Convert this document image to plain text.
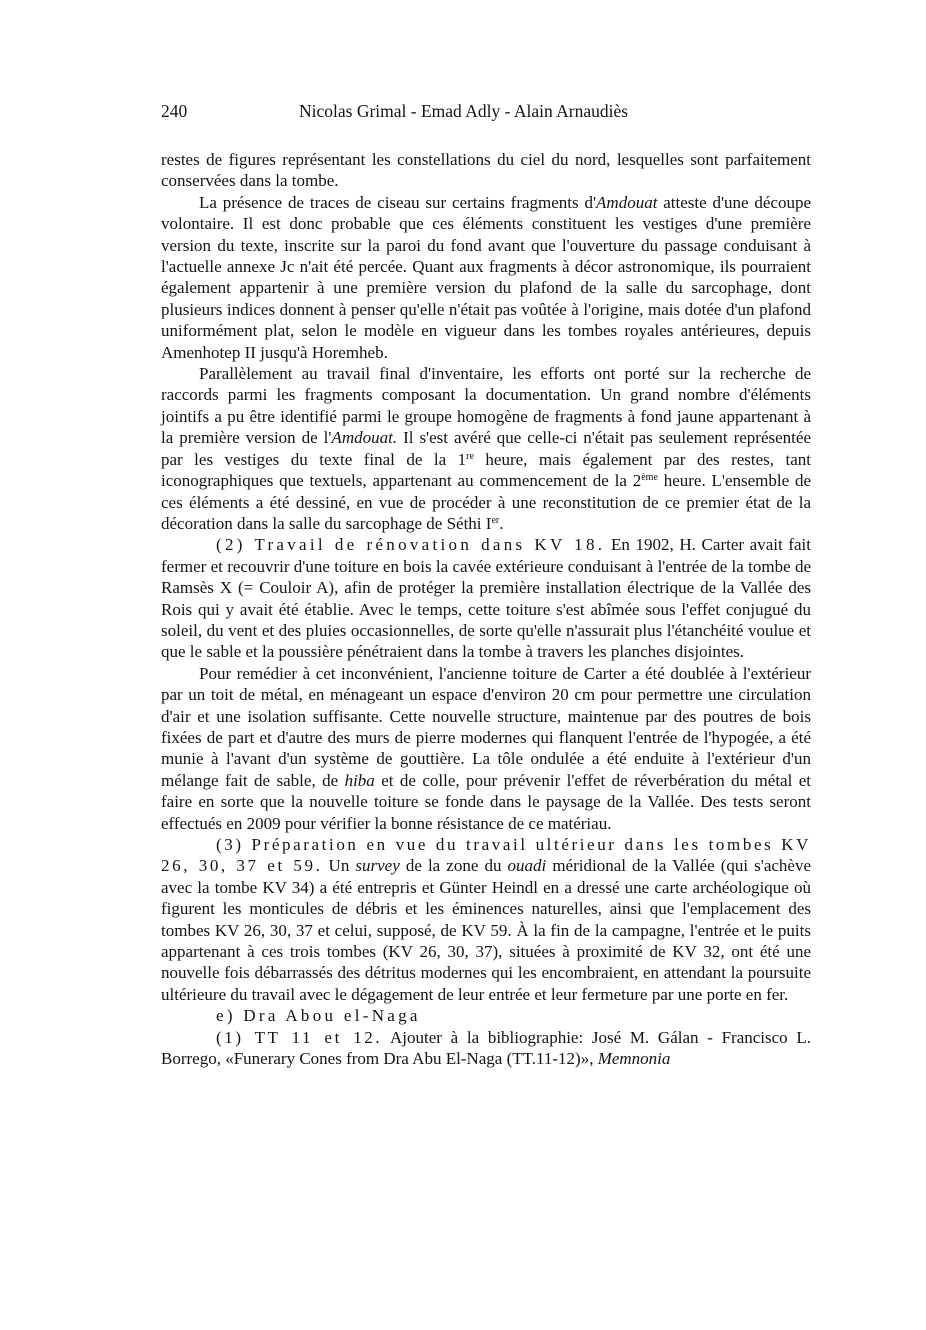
240	Nicolas Grimal - Emad Adly - Alain Arnaudiès

restes de figures représentant les constellations du ciel du nord, lesquelles sont parfaitement conservées dans la tombe.

La présence de traces de ciseau sur certains fragments d'Amdouat atteste d'une découpe volontaire. Il est donc probable que ces éléments constituent les vestiges d'une première version du texte, inscrite sur la paroi du fond avant que l'ouverture du passage conduisant à l'actuelle annexe Jc n'ait été percée. Quant aux fragments à décor astronomique, ils pourraient également appartenir à une première version du plafond de la salle du sarcophage, dont plusieurs indices donnent à penser qu'elle n'était pas voûtée à l'origine, mais dotée d'un plafond uniformément plat, selon le modèle en vigueur dans les tombes royales antérieures, depuis Amenhotep II jusqu'à Horemheb.

Parallèlement au travail final d'inventaire, les efforts ont porté sur la recherche de raccords parmi les fragments composant la documentation. Un grand nombre d'éléments jointifs a pu être identifié parmi le groupe homogène de fragments à fond jaune appartenant à la première version de l'Amdouat. Il s'est avéré que celle-ci n'était pas seulement représentée par les vestiges du texte final de la 1re heure, mais également par des restes, tant iconographiques que textuels, appartenant au commencement de la 2ème heure. L'ensemble de ces éléments a été dessiné, en vue de procéder à une reconstitution de ce premier état de la décoration dans la salle du sarcophage de Séthi Ier.

(2) Travail de rénovation dans KV 18. En 1902, H. Carter avait fait fermer et recouvrir d'une toiture en bois la cavée extérieure conduisant à l'entrée de la tombe de Ramsès X (= Couloir A), afin de protéger la première installation électrique de la Vallée des Rois qui y avait été établie. Avec le temps, cette toiture s'est abîmée sous l'effet conjugué du soleil, du vent et des pluies occasionnelles, de sorte qu'elle n'assurait plus l'étanchéité voulue et que le sable et la poussière pénétraient dans la tombe à travers les planches disjointes.

Pour remédier à cet inconvénient, l'ancienne toiture de Carter a été doublée à l'extérieur par un toit de métal, en ménageant un espace d'environ 20 cm pour permettre une circulation d'air et une isolation suffisante. Cette nouvelle structure, maintenue par des poutres de bois fixées de part et d'autre des murs de pierre modernes qui flanquent l'entrée de l'hypogée, a été munie à l'avant d'un système de gouttière. La tôle ondulée a été enduite à l'extérieur d'un mélange fait de sable, de hiba et de colle, pour prévenir l'effet de réverbération du métal et faire en sorte que la nouvelle toiture se fonde dans le paysage de la Vallée. Des tests seront effectués en 2009 pour vérifier la bonne résistance de ce matériau.

(3) Préparation en vue du travail ultérieur dans les tombes KV 26, 30, 37 et 59. Un survey de la zone du ouadi méridional de la Vallée (qui s'achève avec la tombe KV 34) a été entrepris et Günter Heindl en a dressé une carte archéologique où figurent les monticules de débris et les éminences naturelles, ainsi que l'emplacement des tombes KV 26, 30, 37 et celui, supposé, de KV 59. À la fin de la campagne, l'entrée et le puits appartenant à ces trois tombes (KV 26, 30, 37), situées à proximité de KV 32, ont été une nouvelle fois débarrassés des détritus modernes qui les encombraient, en attendant la poursuite ultérieure du travail avec le dégagement de leur entrée et leur fermeture par une porte en fer.

e) Dra Abou el-Naga

(1) TT 11 et 12. Ajouter à la bibliographie: José M. Gálan - Francisco L. Borrego, «Funerary Cones from Dra Abu El-Naga (TT.11-12)», Memnonia
